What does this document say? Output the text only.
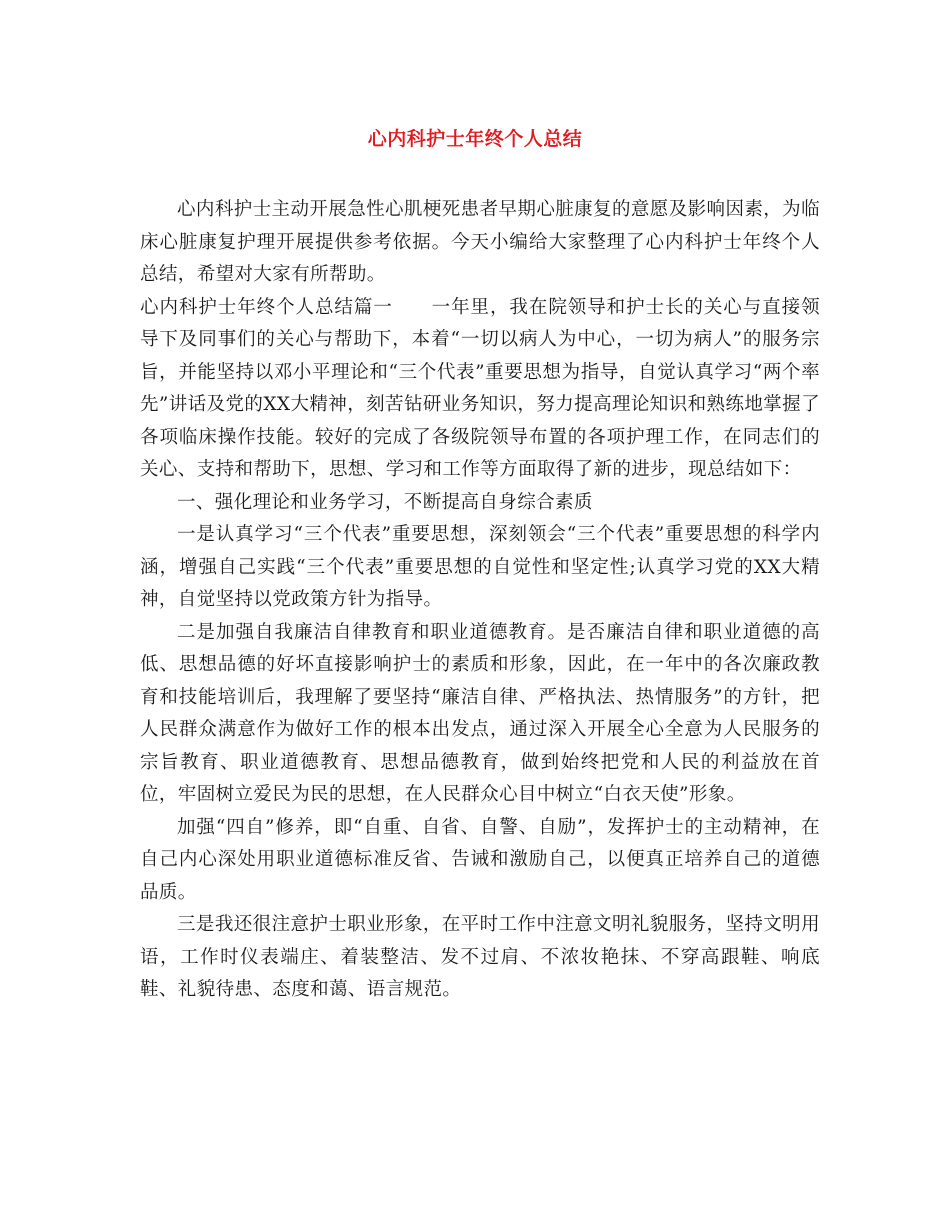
心内科护士年终个人总结

心内科护士主动开展急性心肌梗死患者早期心脏康复的意愿及影响因素，为临床心脏康复护理开展提供参考依据。今天小编给大家整理了心内科护士年终个人总结，希望对大家有所帮助。

心内科护士年终个人总结篇一　　一年里，我在院领导和护士长的关心与直接领导下及同事们的关心与帮助下，本着“一切以病人为中心，一切为病人”的服务宗旨，并能坚持以邓小平理论和“三个代表”重要思想为指导，自觉认真学习“两个率先”讲话及党的XX大精神，刻苦钻研业务知识，努力提高理论知识和熟练地掌握了各项临床操作技能。较好的完成了各级院领导布置的各项护理工作，在同志们的关心、支持和帮助下，思想、学习和工作等方面取得了新的进步，现总结如下：

一、强化理论和业务学习，不断提高自身综合素质

一是认真学习“三个代表”重要思想，深刻领会“三个代表”重要思想的科学内涵，增强自己实践“三个代表”重要思想的自觉性和坚定性;认真学习党的XX大精神，自觉坚持以党政策方针为指导。

二是加强自我廉洁自律教育和职业道德教育。是否廉洁自律和职业道德的高低、思想品德的好坏直接影响护士的素质和形象，因此，在一年中的各次廉政教育和技能培训后，我理解了要坚持“廉洁自律、严格执法、热情服务”的方针，把人民群众满意作为做好工作的根本出发点，通过深入开展全心全意为人民服务的宗旨教育、职业道德教育、思想品德教育，做到始终把党和人民的利益放在首位，牢固树立爱民为民的思想，在人民群众心目中树立“白衣天使”形象。

加强“四自”修养，即“自重、自省、自警、自励”，发挥护士的主动精神，在自己内心深处用职业道德标准反省、告诫和激励自己，以便真正培养自己的道德品质。

三是我还很注意护士职业形象，在平时工作中注意文明礼貌服务，坚持文明用语，工作时仪表端庄、着装整洁、发不过肩、不浓妆艳抹、不穿高跟鞋、响底鞋、礼貌待患、态度和蔼、语言规范。
